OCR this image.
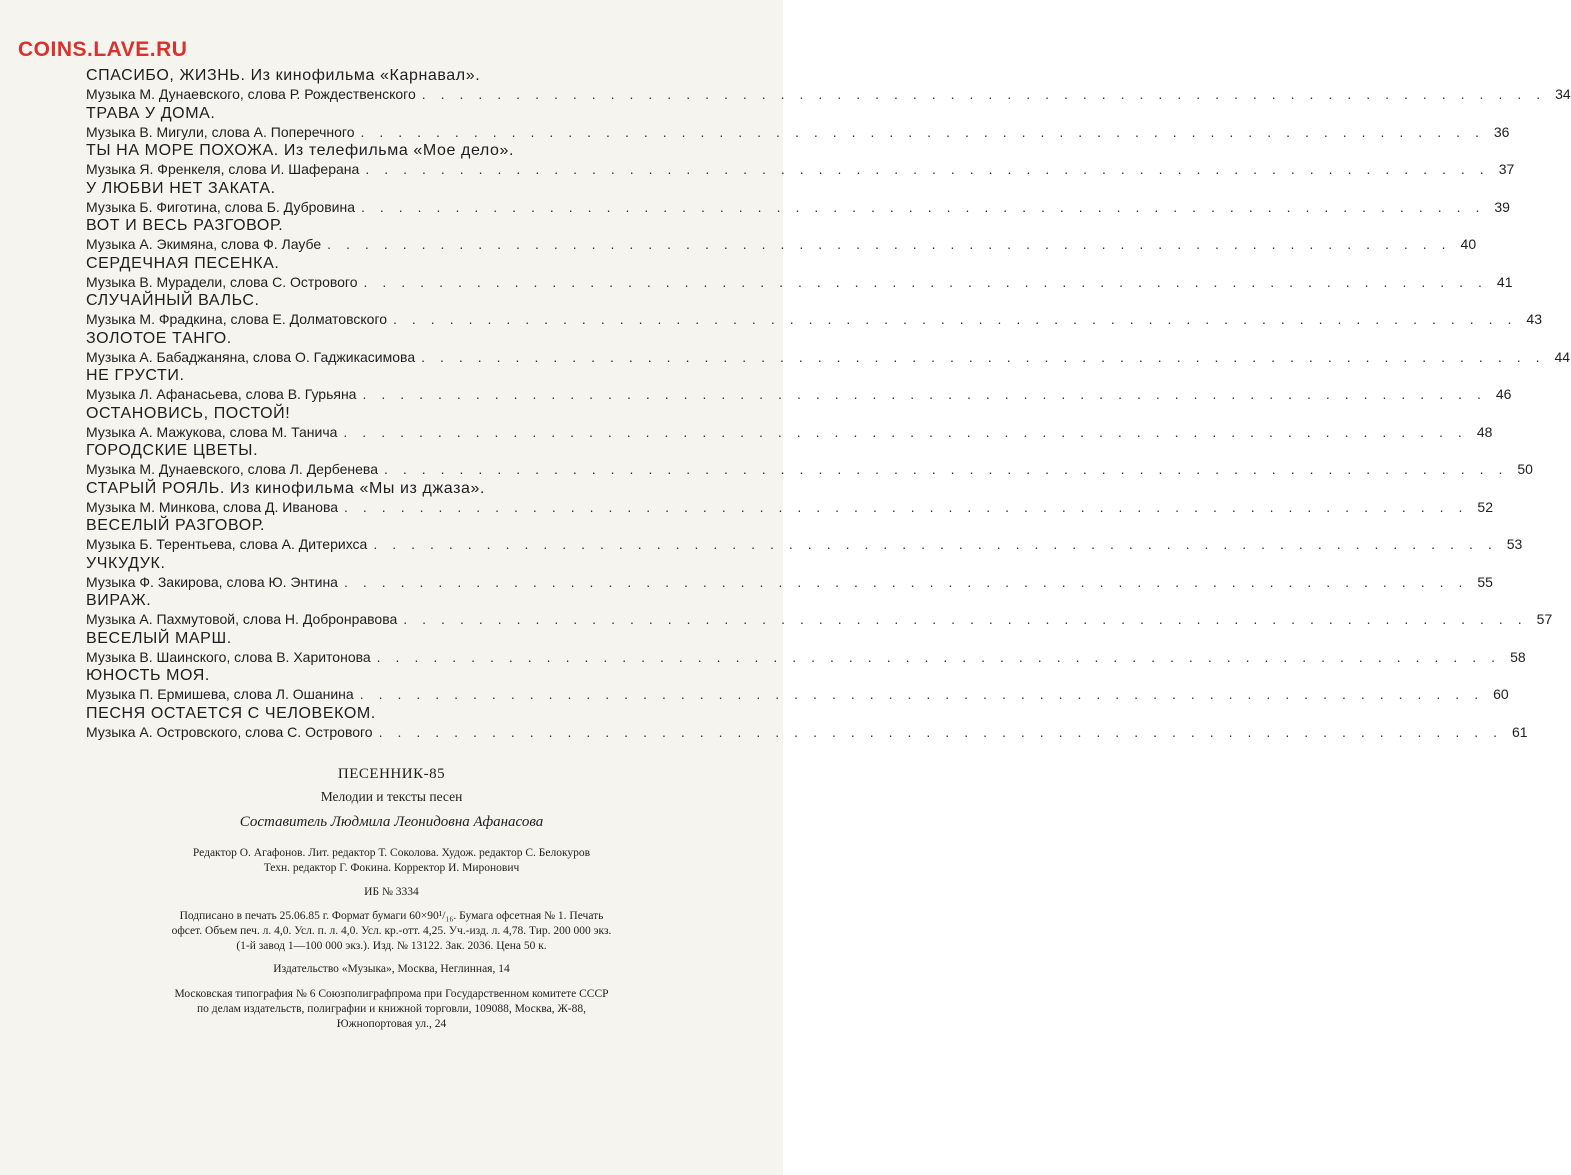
COINS.LAVE.RU
СПАСИБО, ЖИЗНЬ. Из кинофильма «Карнавал».
Музыка М. Дунаевского, слова Р. Рождественского ............................................................ 34
ТРАВА У ДОМА.
Музыка В. Мигули, слова А. Поперечного ............................................................ 36
ТЫ НА МОРЕ ПОХОЖА. Из телефильма «Мое дело».
Музыка Я. Френкеля, слова И. Шаферана ............................................................ 37
У ЛЮБВИ НЕТ ЗАКАТА.
Музыка Б. Фиготина, слова Б. Дубровина ............................................................ 39
ВОТ И ВЕСЬ РАЗГОВОР.
Музыка А. Экимяна, слова Ф. Лаубе ............................................................ 40
СЕРДЕЧНАЯ ПЕСЕНКА.
Музыка В. Мурадели, слова С. Острового ............................................................ 41
СЛУЧАЙНЫЙ ВАЛЬС.
Музыка М. Фрадкина, слова Е. Долматовского ............................................................ 43
ЗОЛОТОЕ ТАНГО.
Музыка А. Бабаджаняна, слова О. Гаджикасимова ............................................................ 44
НЕ ГРУСТИ.
Музыка Л. Афанасьева, слова В. Гурьяна ............................................................ 46
ОСТАНОВИСЬ, ПОСТОЙ!
Музыка А. Мажукова, слова М. Танича ............................................................ 48
ГОРОДСКИЕ ЦВЕТЫ.
Музыка М. Дунаевского, слова Л. Дербенева ............................................................ 50
СТАРЫЙ РОЯЛЬ. Из кинофильма «Мы из джаза».
Музыка М. Минкова, слова Д. Иванова ............................................................ 52
ВЕСЕЛЫЙ РАЗГОВОР.
Музыка Б. Терентьева, слова А. Дитерихса ............................................................ 53
УЧКУДУК.
Музыка Ф. Закирова, слова Ю. Энтина ............................................................ 55
ВИРАЖ.
Музыка А. Пахмутовой, слова Н. Добронравова ............................................................ 57
ВЕСЕЛЫЙ МАРШ.
Музыка В. Шаинского, слова В. Харитонова ............................................................ 58
ЮНОСТЬ МОЯ.
Музыка П. Ермишева, слова Л. Ошанина ............................................................ 60
ПЕСНЯ ОСТАЕТСЯ С ЧЕЛОВЕКОМ.
Музыка А. Островского, слова С. Острового ............................................................ 61
ПЕСЕННИК-85
Мелодии и тексты песен
Составитель Людмила Леонидовна Афанасова
Редактор О. Агафонов. Лит. редактор Т. Соколова. Худож. редактор С. Белокуров
Техн. редактор Г. Фокина. Корректор И. Миронович
ИБ № 3334
Подписано в печать 25.06.85 г. Формат бумаги 60×90¹/₁₆. Бумага офсетная № 1. Печать
офсет. Объем печ. л. 4,0. Усл. п. л. 4,0. Усл. кр.-отт. 4,25. Уч.-изд. л. 4,78. Тир. 200 000 экз.
(1-й завод 1—100 000 экз.). Изд. № 13122. Зак. 2036. Цена 50 к.
Издательство «Музыка», Москва, Неглинная, 14
Московская типография № 6 Союзполиграфпрома при Государственном комитете СССР
по делам издательств, полиграфии и книжной торговли, 109088, Москва, Ж-88,
Южнопортовая ул., 24
